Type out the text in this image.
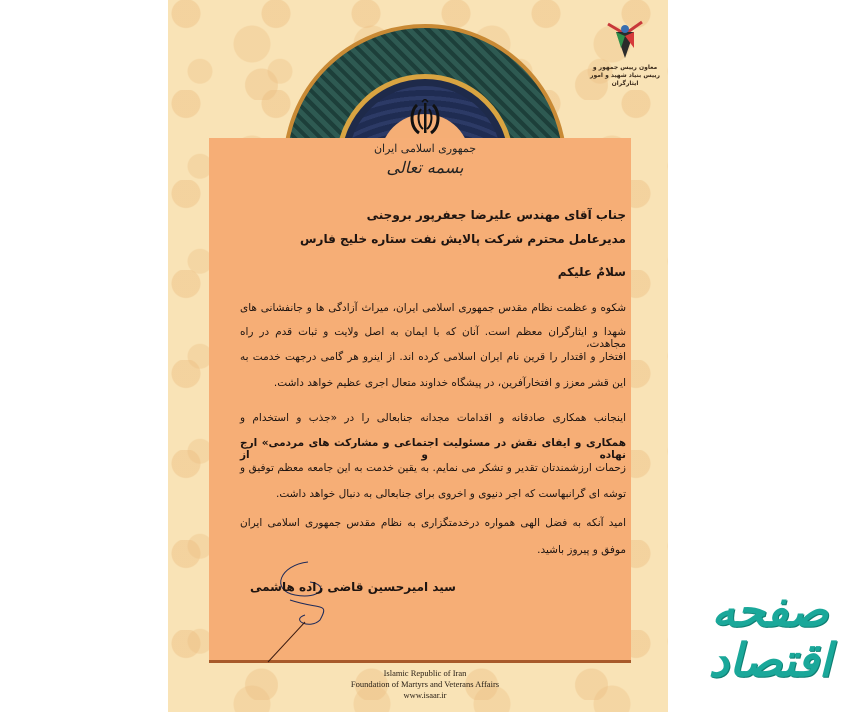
جمهوری اسلامی ایران
بسمه تعالی
معاون رییس جمهور و
رییس بنیاد شهید و امور ایثارگران
جناب آقای مهندس علیرضا جعفرپور بروجنی
مدیرعامل محترم شرکت پالایش نفت ستاره خلیج فارس
سلامٌ علیکم
شکوه و عظمت نظام مقدس جمهوری اسلامی ایران، میراث آزادگی ها و جانفشانی های
شهدا و ایثارگران معظم است. آنان که با ایمان به اصل ولایت و ثبات قدم در راه مجاهدت،
افتخار و اقتدار را قرین نام ایران اسلامی کرده اند. از اینرو هر گامی درجهت خدمت به
این قشر معزز و افتخارآفرین، در پیشگاه خداوند متعال اجری عظیم خواهد داشت.
اینجانب همکاری صادقانه و اقدامات مجدانه جنابعالی را در «جذب و استخدام و
همکاری و ایفای نقش در مسئولیت اجتماعی و مشارکت های مردمی» ارج نهاده و از
زحمات ارزشمندتان تقدیر و تشکر می نمایم. به یقین خدمت به این جامعه معظم توفیق و
توشه ای گرانبهاست که اجر دنیوی و اخروی برای جنابعالی به دنبال خواهد داشت.
امید آنکه به فضل الهی همواره درخدمتگزاری به نظام مقدس جمهوری اسلامی ایران
موفق و پیروز باشید.
سید امیرحسین قاضی زاده هاشمی
Islamic Republic of Iran
Foundation of Martyrs and Veterans Affairs
www.isaar.ir
صفحه اقتصاد
